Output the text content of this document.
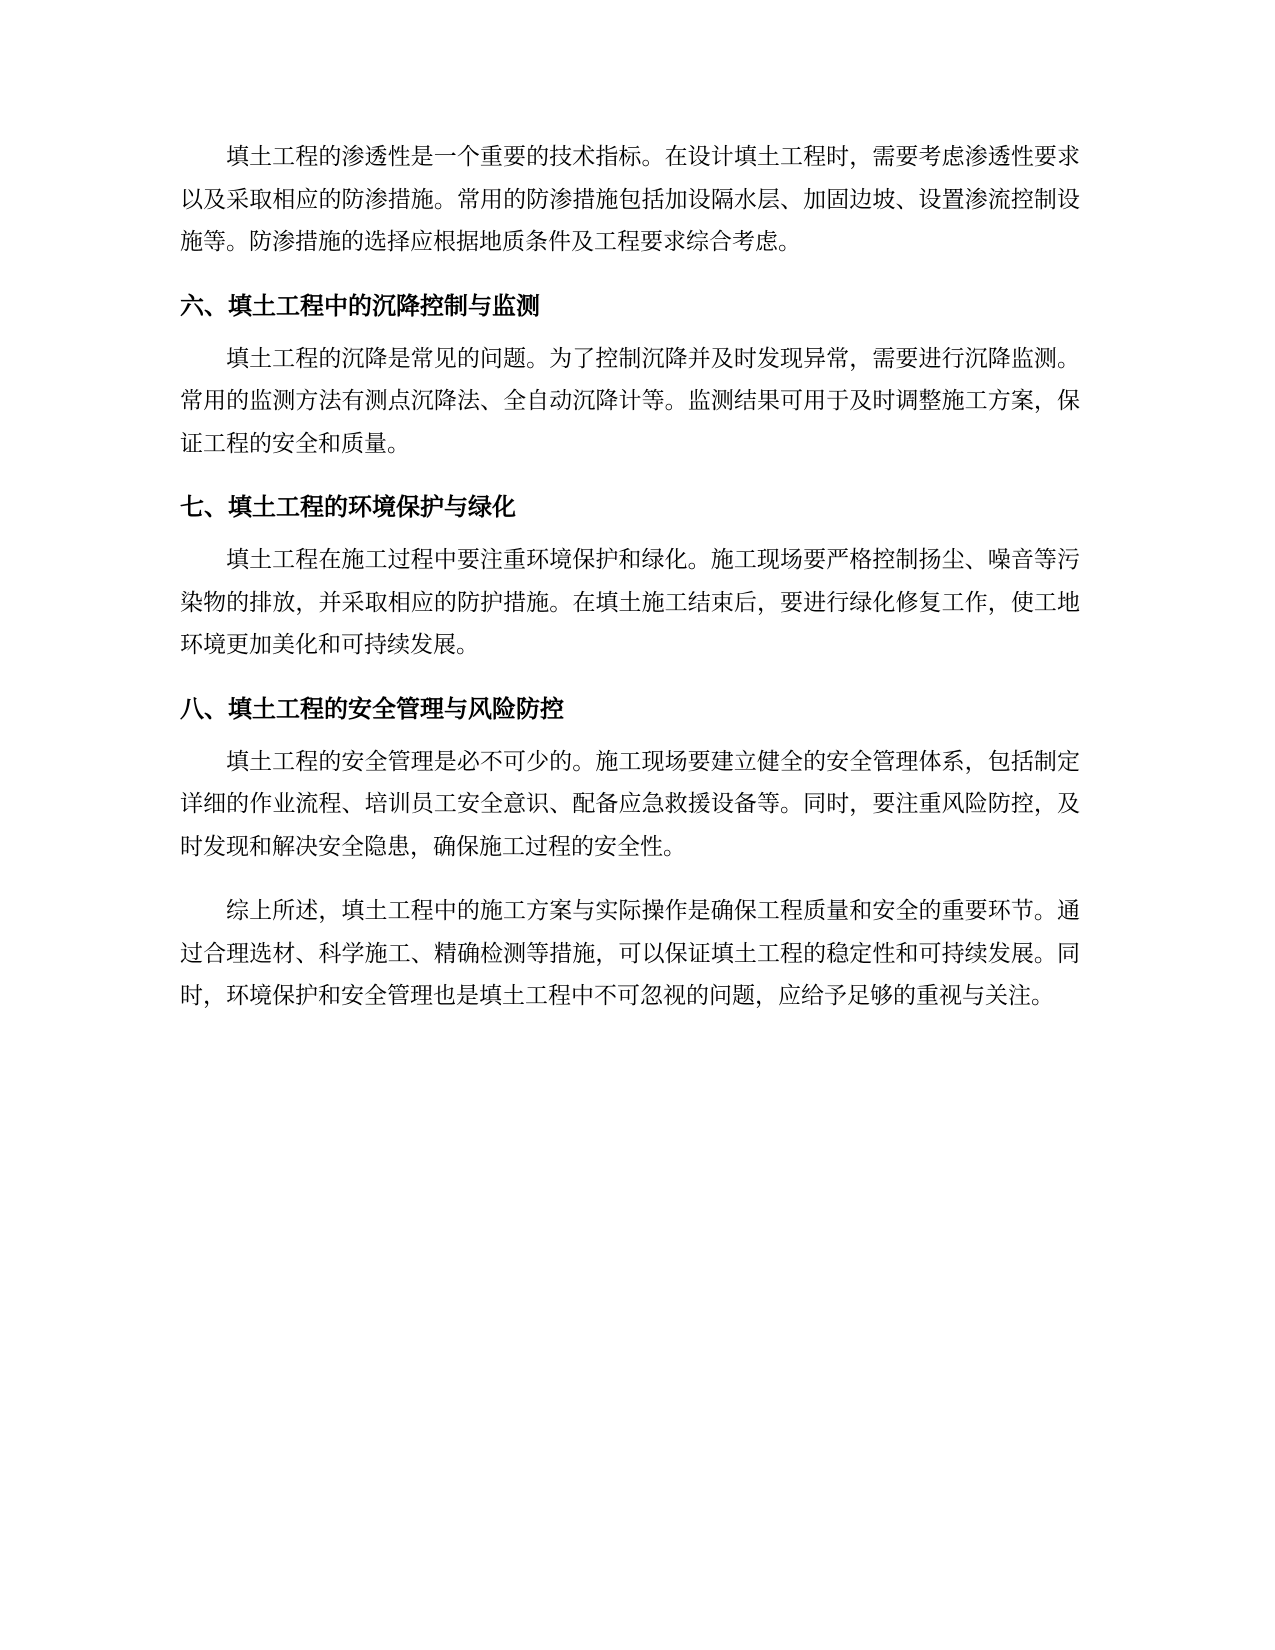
填土工程的渗透性是一个重要的技术指标。在设计填土工程时，需要考虑渗透性要求以及采取相应的防渗措施。常用的防渗措施包括加设隔水层、加固边坡、设置渗流控制设施等。防渗措施的选择应根据地质条件及工程要求综合考虑。

六、填土工程中的沉降控制与监测

填土工程的沉降是常见的问题。为了控制沉降并及时发现异常，需要进行沉降监测。常用的监测方法有测点沉降法、全自动沉降计等。监测结果可用于及时调整施工方案，保证工程的安全和质量。

七、填土工程的环境保护与绿化

填土工程在施工过程中要注重环境保护和绿化。施工现场要严格控制扬尘、噪音等污染物的排放，并采取相应的防护措施。在填土施工结束后，要进行绿化修复工作，使工地环境更加美化和可持续发展。

八、填土工程的安全管理与风险防控

填土工程的安全管理是必不可少的。施工现场要建立健全的安全管理体系，包括制定详细的作业流程、培训员工安全意识、配备应急救援设备等。同时，要注重风险防控，及时发现和解决安全隐患，确保施工过程的安全性。

综上所述，填土工程中的施工方案与实际操作是确保工程质量和安全的重要环节。通过合理选材、科学施工、精确检测等措施，可以保证填土工程的稳定性和可持续发展。同时，环境保护和安全管理也是填土工程中不可忽视的问题，应给予足够的重视与关注。
